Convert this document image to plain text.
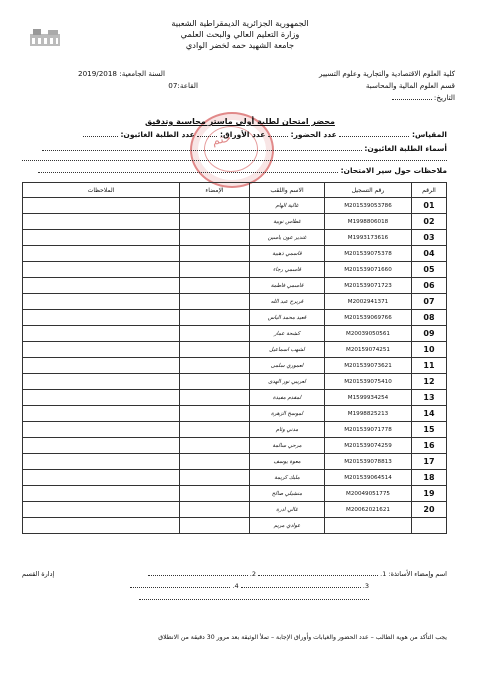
الجمهورية الجزائرية الديمقراطية الشعبية
وزارة التعليم العالي والبحث العلمي
جامعة الشهيد حمه لخضر الوادي
السنة الجامعية: 2019/2018
القاعة:07
كلية العلوم الاقتصادية والتجارية وعلوم التسيير
قسم العلوم المالية والمحاسبة
التاريخ:
ختم
محضر امتحان لطلبة أولى ماستر محاسبة وتدقيق
المقياس:  عدد الحضور:  عدد الأوراق:  عدد الطلبة الغائبون:
أسماء الطلبة الغائبون:
ملاحظات حول سير الامتحان:
الرقم	رقم التسجيل	الاسم واللقب	الإمضاء	الملاحظات
01	M201539053786	غالية الهام		
02	M1998806018	غطاس نوبية		
03	M1993173616	غندير عون ياسين		
04	M201539075378	قاسمي ذهبية		
05	M201539071660	قاسمي رجاء		
06	M201539071723	قاسمي فاطمة		
07	M2002941371	قريرح عبد الله		
08	M201539069766	قعيد محمد الياس		
09	M20039050561	كشحة عمار		
10	M20159074251	لشهب اسماعيل		
11	M201539073621	لعموري سلمى		
12	M201539075410	لعريبي نور الهدى		
13	M1599934254	لمقدم مفيدة		
14	M1998825213	لموسخ الزهرة		
15	M201539071778	مدني وئام		
16	M201539074259	مرحي سالمة		
17	M201539078813	معوة يوسف		
18	M201539064514	ملبك كريمة		
19	M20049051775	منشيلي صالح		
20	M20062021621	غالي ادرة		
		عوادي مريم		
اسم وإمضاء الأساتذة: 1.  2.
إدارة القسم
3.  4.
يجب التأكد من هوية الطالب – عدد الحضور والغيابات وأوراق الإجابة – تملأ الوثيقة بعد مرور 30 دقيقة من الانطلاق
